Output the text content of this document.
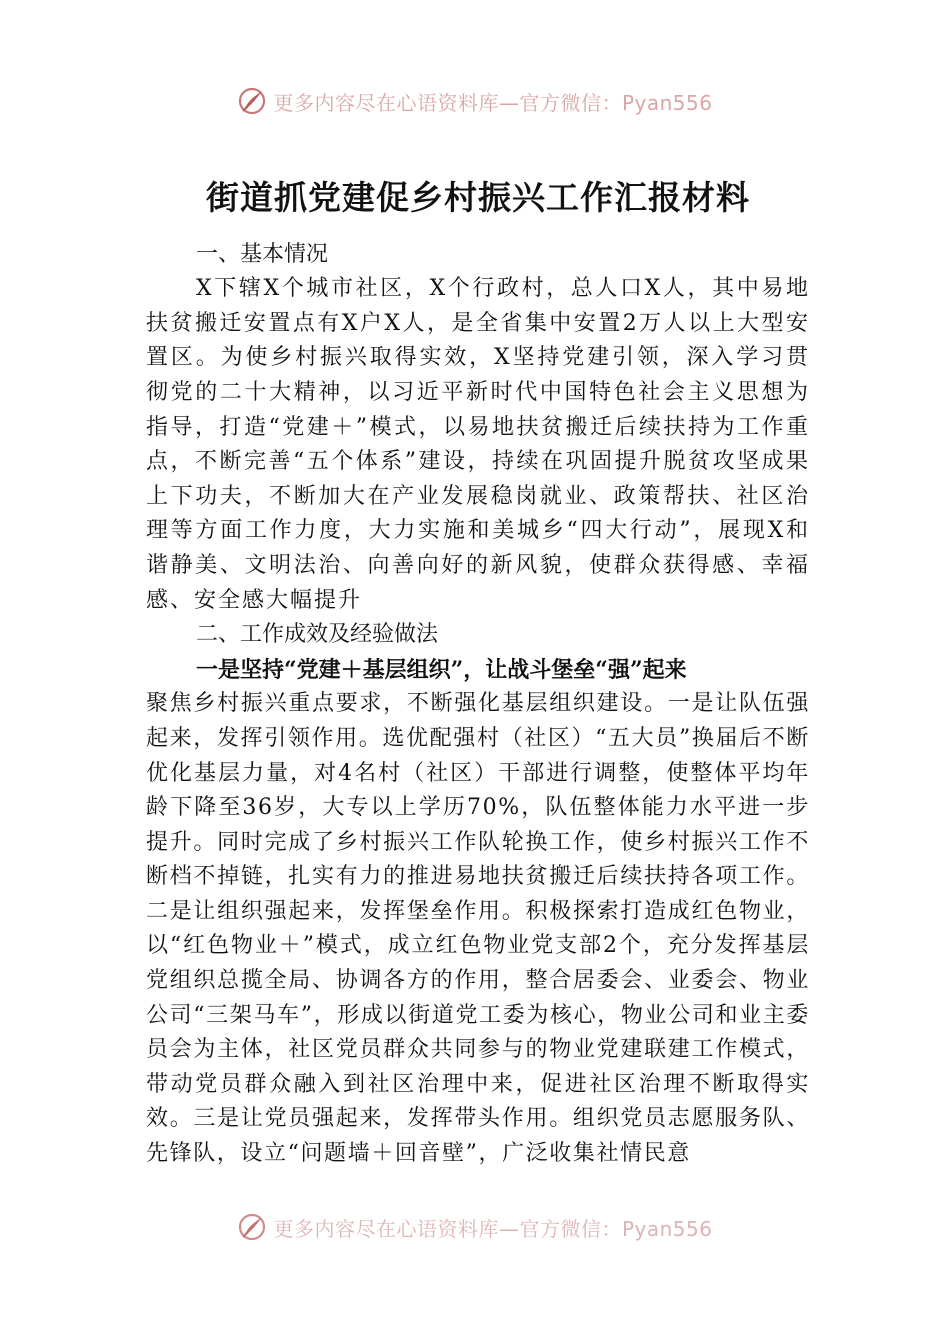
更多内容尽在心语资料库—官方微信：Pyan556
街道抓党建促乡村振兴工作汇报材料
一、基本情况

X下辖X个城市社区，X个行政村，总人口X人，其中易地扶贫搬迁安置点有X户X人，是全省集中安置2万人以上大型安置区。为使乡村振兴取得实效，X坚持党建引领，深入学习贯彻党的二十大精神，以习近平新时代中国特色社会主义思想为指导，打造“党建＋”模式，以易地扶贫搬迁后续扶持为工作重点，不断完善“五个体系”建设，持续在巩固提升脱贫攻坚成果上下功夫，不断加大在产业发展稳岗就业、政策帮扶、社区治理等方面工作力度，大力实施和美城乡“四大行动”，展现X和谐静美、文明法治、向善向好的新风貌，使群众获得感、幸福感、安全感大幅提升

二、工作成效及经验做法
一是坚持“党建＋基层组织”，让战斗堡垒“强”起来

聚焦乡村振兴重点要求，不断强化基层组织建设。一是让队伍强起来，发挥引领作用。选优配强村（社区）“五大员”换届后不断优化基层力量，对4名村（社区）干部进行调整，使整体平均年龄下降至36岁，大专以上学历70%，队伍整体能力水平进一步提升。同时完成了乡村振兴工作队轮换工作，使乡村振兴工作不断档不掉链，扎实有力的推进易地扶贫搬迁后续扶持各项工作。二是让组织强起来，发挥堡垒作用。积极探索打造成红色物业，以“红色物业＋”模式，成立红色物业党支部2个，充分发挥基层党组织总揽全局、协调各方的作用，整合居委会、业委会、物业公司“三架马车”，形成以街道党工委为核心，物业公司和业主委员会为主体，社区党员群众共同参与的物业党建联建工作模式，带动党员群众融入到社区治理中来，促进社区治理不断取得实效。三是让党员强起来，发挥带头作用。组织党员志愿服务队、先锋队，设立“问题墙＋回音壁”，广泛收集社情民意

更多内容尽在心语资料库—官方微信：Pyan556
